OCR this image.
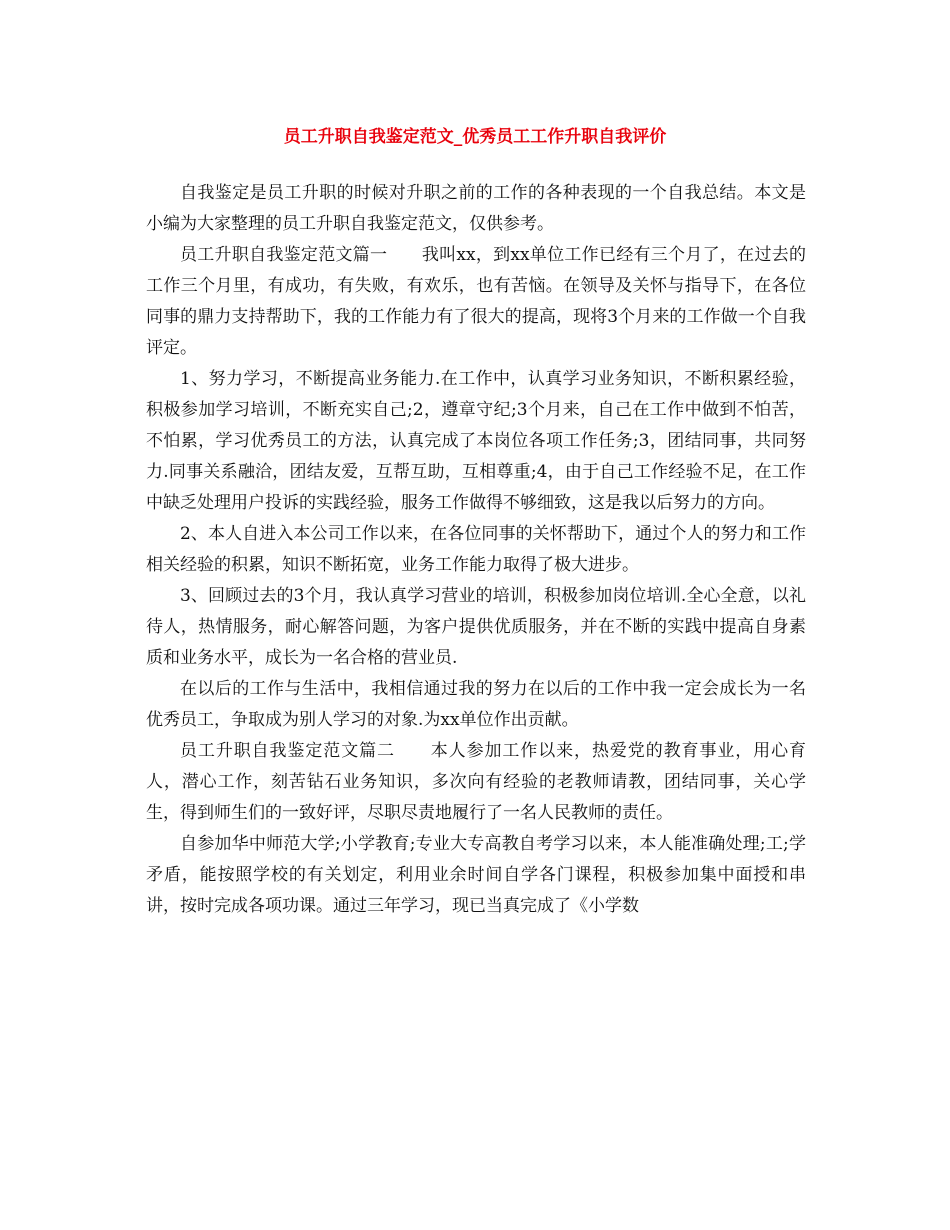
员工升职自我鉴定范文_优秀员工工作升职自我评价

自我鉴定是员工升职的时候对升职之前的工作的各种表现的一个自我总结。本文是小编为大家整理的员工升职自我鉴定范文，仅供参考。

员工升职自我鉴定范文篇一　　我叫xx，到xx单位工作已经有三个月了，在过去的工作三个月里，有成功，有失败，有欢乐，也有苦恼。在领导及关怀与指导下，在各位同事的鼎力支持帮助下，我的工作能力有了很大的提高，现将3个月来的工作做一个自我评定。

1、努力学习，不断提高业务能力.在工作中，认真学习业务知识，不断积累经验，积极参加学习培训，不断充实自己;2，遵章守纪;3个月来，自己在工作中做到不怕苦，不怕累，学习优秀员工的方法，认真完成了本岗位各项工作任务;3，团结同事，共同努力.同事关系融洽，团结友爱，互帮互助，互相尊重;4，由于自己工作经验不足，在工作中缺乏处理用户投诉的实践经验，服务工作做得不够细致，这是我以后努力的方向。

2、本人自进入本公司工作以来，在各位同事的关怀帮助下，通过个人的努力和工作相关经验的积累，知识不断拓宽，业务工作能力取得了极大进步。

3、回顾过去的3个月，我认真学习营业的培训，积极参加岗位培训.全心全意，以礼待人，热情服务，耐心解答问题，为客户提供优质服务，并在不断的实践中提高自身素质和业务水平，成长为一名合格的营业员.

在以后的工作与生活中，我相信通过我的努力在以后的工作中我一定会成长为一名优秀员工，争取成为别人学习的对象.为xx单位作出贡献。

员工升职自我鉴定范文篇二　　本人参加工作以来，热爱党的教育事业，用心育人，潜心工作，刻苦钻石业务知识，多次向有经验的老教师请教，团结同事，关心学生，得到师生们的一致好评，尽职尽责地履行了一名人民教师的责任。

自参加华中师范大学;小学教育;专业大专高教自考学习以来，本人能准确处理;工;学矛盾，能按照学校的有关划定，利用业余时间自学各门课程，积极参加集中面授和串讲，按时完成各项功课。通过三年学习，现已当真完成了《小学数
